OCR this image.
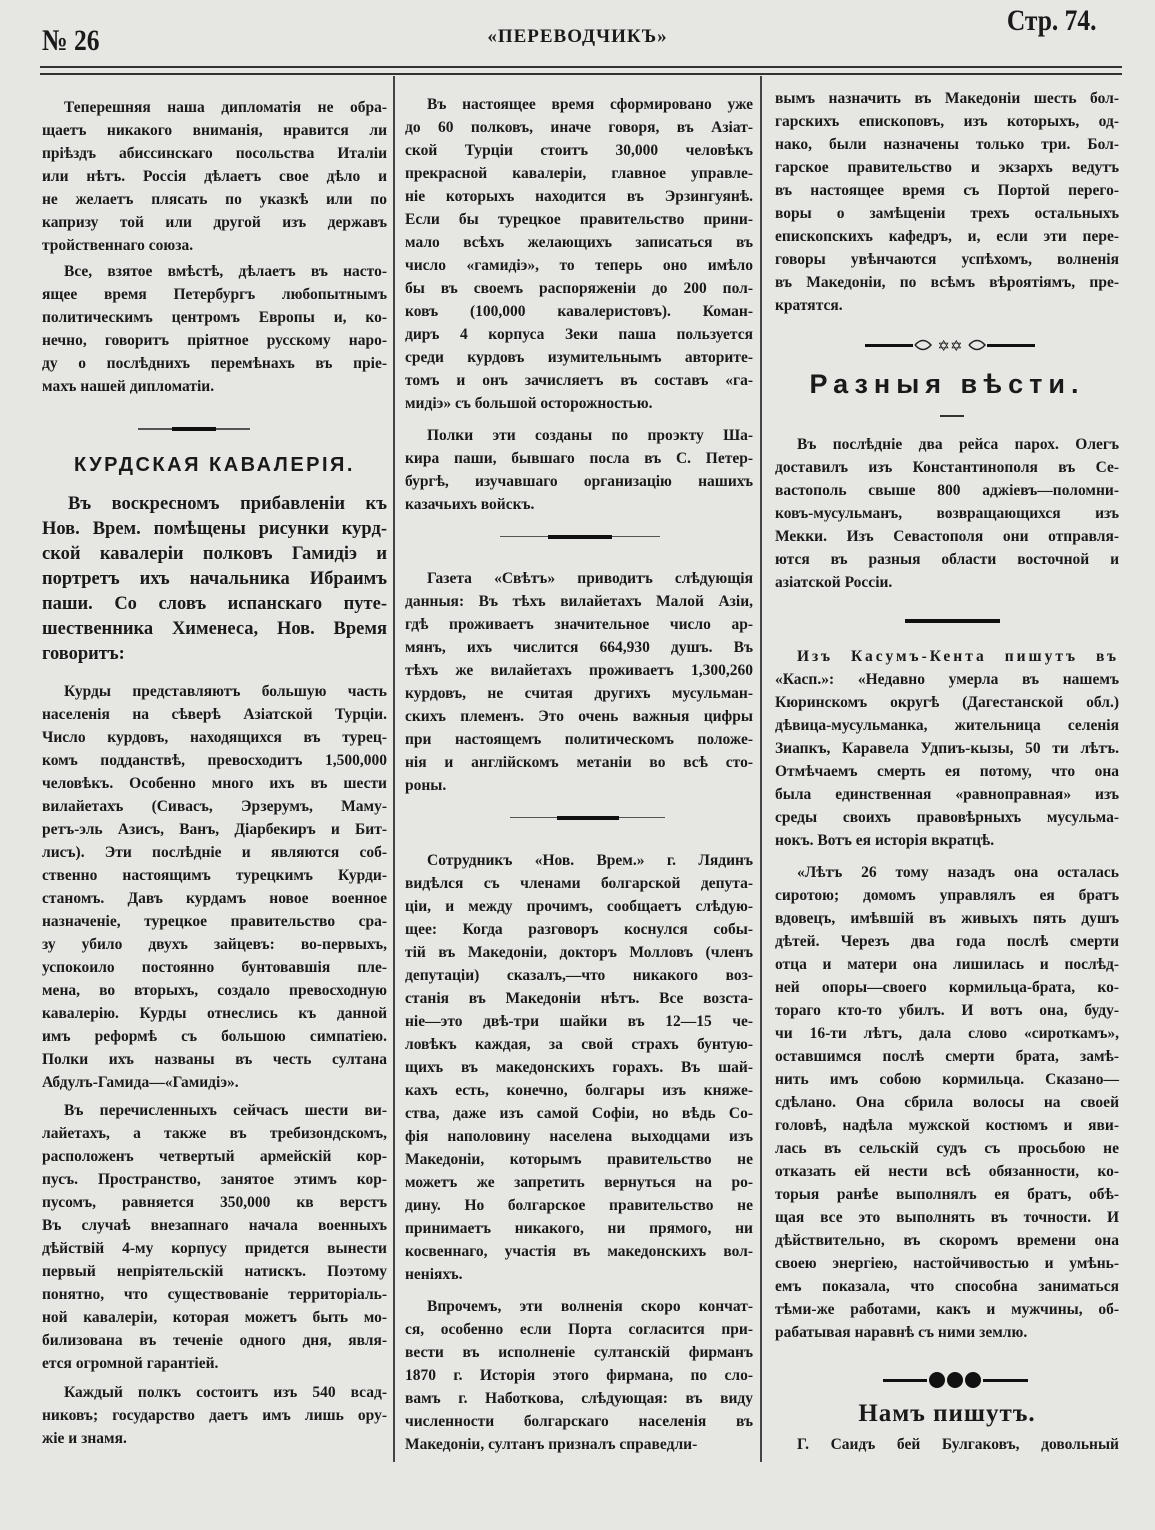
№ 26	«ПЕРЕВОДЧИКЪ»	Стр. 74.
Теперешняя наша дипломатія не обра-
щаетъ никакого вниманія, нравится ли
пріѣздъ абиссинскаго посольства Италіи
или нѣтъ. Россія дѣлаетъ свое дѣло и
не желаетъ плясать по указкѣ или по
капризу той или другой изъ державъ
тройственнаго союза.
Все, взятое вмѣстѣ, дѣлаетъ въ насто-
ящее время Петербургъ любопытнымъ
политическимъ центромъ Европы и, ко-
нечно, говоритъ пріятное русскому наро-
ду о послѣднихъ перемѣнахъ въ пріе-
махъ нашей дипломатіи.
КУРДСКАЯ КАВАЛЕРІЯ.
Въ воскресномъ прибавленіи къ
Нов. Врем. помѣщены рисунки курд-
ской кавалеріи полковъ Гамидіэ и
портретъ ихъ начальника Ибраимъ
паши. Со словъ испанскаго путе-
шественника Хименеса, Нов. Время
говоритъ:
Курды представляютъ большую часть
населенія на сѣверѣ Азіатской Турціи.
Число курдовъ, находящихся въ турец-
комъ подданствѣ, превосходитъ 1,500,000
человѣкъ. Особенно много ихъ въ шести
вилайетахъ (Сивасъ, Эрзерумъ, Маму-
ретъ-эль Азисъ, Ванъ, Діарбекиръ и Бит-
лисъ). Эти послѣдніе и являются соб-
ственно настоящимъ турецкимъ Курди-
станомъ. Давъ курдамъ новое военное
назначеніе, турецкое правительство сра-
зу убило двухъ зайцевъ: во-первыхъ,
успокоило постоянно бунтовавшія пле-
мена, во вторыхъ, создало превосходную
кавалерію. Курды отнеслись къ данной
имъ реформѣ съ большою симпатіею.
Полки ихъ названы въ честь султана
Абдулъ-Гамида—«Гамидіэ».
Въ перечисленныхъ сейчасъ шести ви-
лайетахъ, а также въ требизондскомъ,
расположенъ четвертый армейскій кор-
пусъ. Пространство, занятое этимъ кор-
пусомъ, равняется 350,000 кв верстъ
Въ случаѣ внезапнаго начала военныхъ
дѣйствій 4-му корпусу придется вынести
первый непріятельскій натискъ. Поэтому
понятно, что существованіе территоріаль-
ной кавалеріи, которая можетъ быть мо-
билизована въ теченіе одного дня, явля-
ется огромной гарантіей.
Каждый полкъ состоитъ изъ 540 всад-
никовъ; государство даетъ имъ лишь ору-
жіе и знамя.
Въ настоящее время сформировано уже
до 60 полковъ, иначе говоря, въ Азіат-
ской Турціи стоитъ 30,000 человѣкъ
прекрасной кавалеріи, главное управле-
ніе которыхъ находится въ Эрзингуянѣ.
Если бы турецкое правительство прини-
мало всѣхъ желающихъ записаться въ
число «гамидіэ», то теперь оно имѣло
бы въ своемъ распоряженіи до 200 пол-
ковъ (100,000 кавалеристовъ). Коман-
диръ 4 корпуса Зеки паша пользуется
среди курдовъ изумительнымъ авторите-
томъ и онъ зачисляетъ въ составъ «га-
мидіэ» съ большой осторожностью.
Полки эти созданы по проэкту Ша-
кира паши, бывшаго посла въ С. Петер-
бургѣ, изучавшаго организацію нашихъ
казачьихъ войскъ.
Газета «Свѣтъ» приводитъ слѣдующія
данныя: Въ тѣхъ вилайетахъ Малой Азіи,
гдѣ проживаетъ значительное число ар-
мянъ, ихъ числится 664,930 душъ. Въ
тѣхъ же вилайетахъ проживаетъ 1,300,260
курдовъ, не считая другихъ мусульман-
скихъ племенъ. Это очень важныя цифры
при настоящемъ политическомъ положе-
нія и англійскомъ метаніи во всѣ сто-
роны.
Сотрудникъ «Нов. Врем.» г. Лядинъ
видѣлся съ членами болгарской депута-
ціи, и между прочимъ, сообщаетъ слѣдую-
щее: Когда разговоръ коснулся собы-
тій въ Македоніи, докторъ Молловъ (членъ
депутаціи) сказалъ,—что никакого воз-
станія въ Македоніи нѣтъ. Все возста-
ніе—это двѣ-три шайки въ 12—15 че-
ловѣкъ каждая, за свой страхъ бунтую-
щихъ въ македонскихъ горахъ. Въ шай-
кахъ есть, конечно, болгары изъ княже-
ства, даже изъ самой Софіи, но вѣдь Со-
фія наполовину населена выходцами изъ
Македоніи, которымъ правительство не
можетъ же запретить вернуться на ро-
дину. Но болгарское правительство не
принимаетъ никакого, ни прямого, ни
косвеннаго, участія въ македонскихъ вол-
неніяхъ.
Впрочемъ, эти волненія скоро кончат-
ся, особенно если Порта согласится при-
вести въ исполненіе султанскій фирманъ
1870 г. Исторія этого фирмана, по сло-
вамъ г. Наботкова, слѣдующая: въ виду
численности болгарскаго населенія въ
Македоніи, султанъ призналъ справедли-
вымъ назначить въ Македоніи шесть бол-
гарскихъ епископовъ, изъ которыхъ, од-
нако, были назначены только три. Бол-
гарское правительство и экзархъ ведутъ
въ настоящее время съ Портой перего-
воры о замѣщеніи трехъ остальныхъ
епископскихъ кафедръ, и, если эти пере-
говоры увѣнчаются успѣхомъ, волненія
въ Македоніи, по всѣмъ вѣроятіямъ, пре-
кратятся.
✡✡
Разныя вѣсти.
Въ послѣдніе два рейса парох. Олегъ
доставилъ изъ Константинополя въ Се-
вастополь свыше 800 аджіевъ—поломни-
ковъ-мусульманъ, возвращающихся изъ
Мекки. Изъ Севастополя они отправля-
ются въ разныя области восточной и
азіатской Россіи.
Изъ Касумъ-Кента пишутъ въ
«Касп.»: «Недавно умерла въ нашемъ
Кюринскомъ округѣ (Дагестанской обл.)
дѣвица-мусульманка, жительница селенія
Зиапкъ, Каравела Удпиъ-кызы, 50 ти лѣтъ.
Отмѣчаемъ смерть ея потому, что она
была единственная «равноправная» изъ
среды своихъ правовѣрныхъ мусульма-
нокъ. Вотъ ея исторія вкратцѣ.
«Лѣтъ 26 тому назадъ она осталась
сиротою; домомъ управлялъ ея братъ
вдовецъ, имѣвшій въ живыхъ пять душъ
дѣтей. Черезъ два года послѣ смерти
отца и матери она лишилась и послѣд-
ней опоры—своего кормильца-брата, ко-
тораго кто-то убилъ. И вотъ она, буду-
чи 16-ти лѣтъ, дала слово «сироткамъ»,
оставшимся послѣ смерти брата, замѣ-
нить имъ собою кормильца. Сказано—
сдѣлано. Она сбрила волосы на своей
головѣ, надѣла мужской костюмъ и яви-
лась въ сельскій судъ съ просьбою не
отказать ей нести всѣ обязанности, ко-
торыя ранѣе выполнялъ ея братъ, обѣ-
щая все это выполнять въ точности. И
дѣйствительно, въ скоромъ времени она
своею энергіею, настойчивостью и умѣнь-
емъ показала, что способна заниматься
тѣми-же работами, какъ и мужчины, об-
рабатывая наравнѣ съ ними землю.
Намъ пишутъ.
Г. Саидъ бей Булгаковъ, довольный
